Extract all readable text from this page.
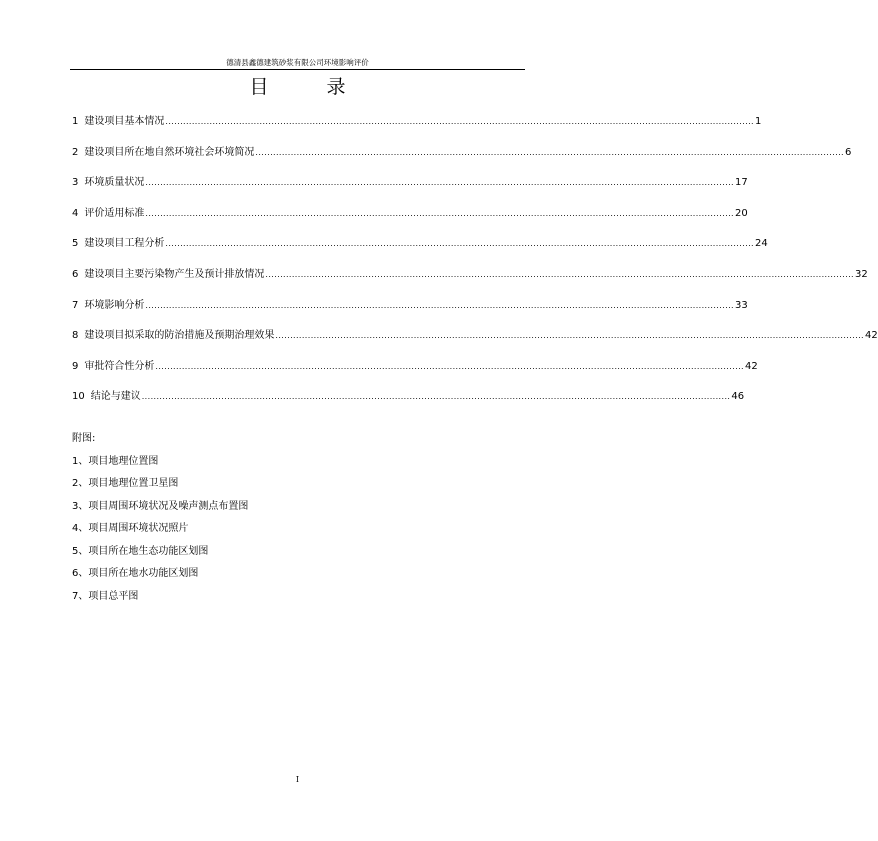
德清县鑫德建筑砂浆有限公司环境影响评价
目 录
1 建设项目基本情况 ........................................................................................................................................................................................................ 1
2 建设项目所在地自然环境社会环境简况 ........................................................................................................................................................................................................ 6
3 环境质量状况 ........................................................................................................................................................................................................ 17
4 评价适用标准 ........................................................................................................................................................................................................ 20
5 建设项目工程分析 ........................................................................................................................................................................................................ 24
6 建设项目主要污染物产生及预计排放情况 ........................................................................................................................................................................................................ 32
7 环境影响分析 ........................................................................................................................................................................................................ 33
8 建设项目拟采取的防治措施及预期治理效果 ........................................................................................................................................................................................................ 42
9 审批符合性分析 ........................................................................................................................................................................................................ 42
10 结论与建议 ........................................................................................................................................................................................................ 46
附图:
1、项目地理位置图
2、项目地理位置卫星图
3、项目周围环境状况及噪声测点布置图
4、项目周围环境状况照片
5、项目所在地生态功能区划图
6、项目所在地水功能区划图
7、项目总平图
I
